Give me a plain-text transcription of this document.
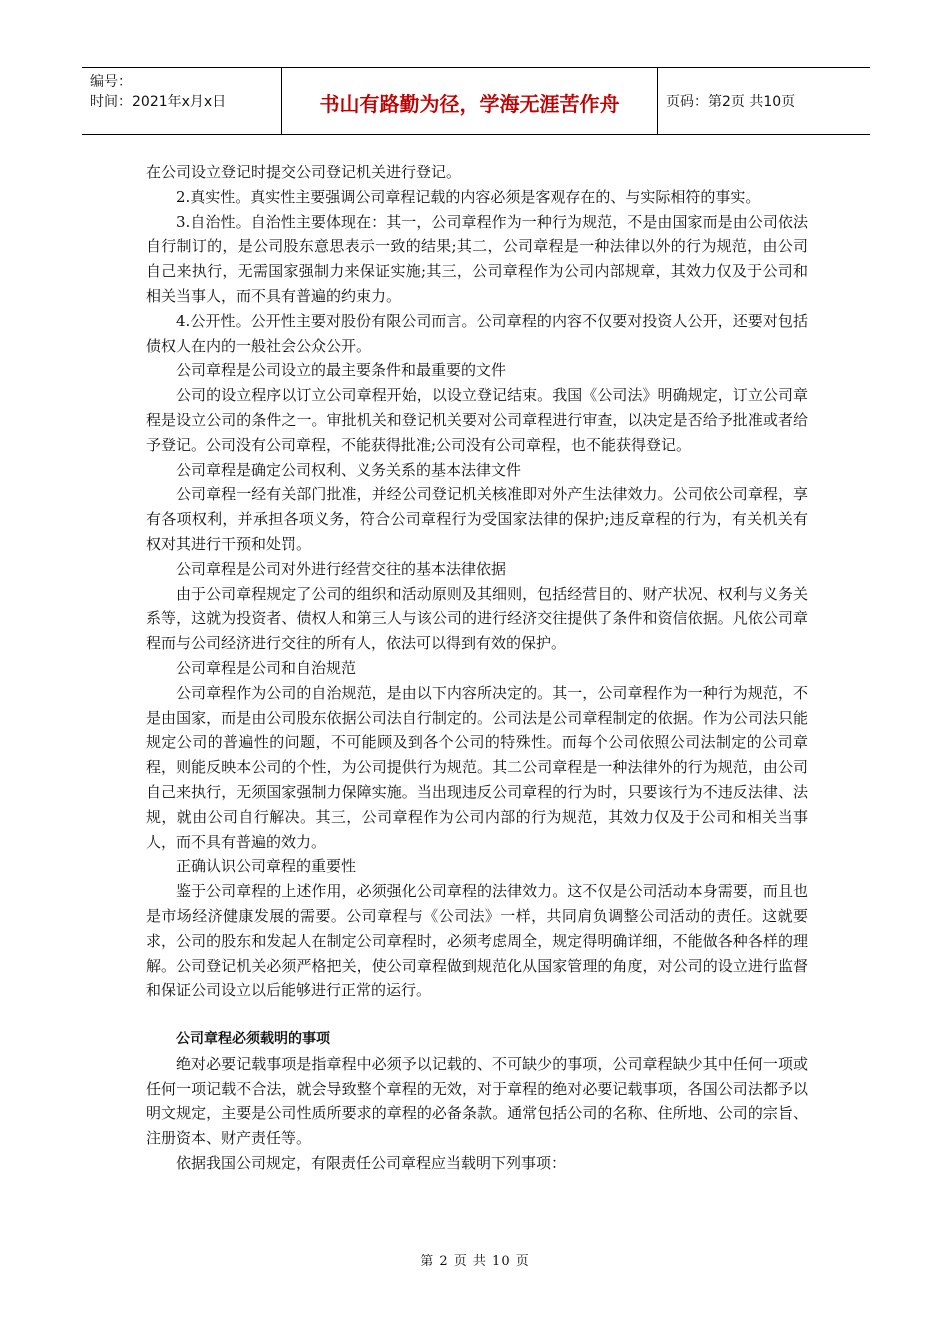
编号：
时间：2021年x月x日	书山有路勤为径，学海无涯苦作舟	页码：第2页 共10页

在公司设立登记时提交公司登记机关进行登记。

2.真实性。真实性主要强调公司章程记载的内容必须是客观存在的、与实际相符的事实。

3.自治性。自治性主要体现在：其一，公司章程作为一种行为规范，不是由国家而是由公司依法自行制订的，是公司股东意思表示一致的结果;其二，公司章程是一种法律以外的行为规范，由公司自己来执行，无需国家强制力来保证实施;其三，公司章程作为公司内部规章，其效力仅及于公司和相关当事人，而不具有普遍的约束力。

4.公开性。公开性主要对股份有限公司而言。公司章程的内容不仅要对投资人公开，还要对包括债权人在内的一般社会公众公开。

公司章程是公司设立的最主要条件和最重要的文件

公司的设立程序以订立公司章程开始，以设立登记结束。我国《公司法》明确规定，订立公司章程是设立公司的条件之一。审批机关和登记机关要对公司章程进行审查，以决定是否给予批准或者给予登记。公司没有公司章程，不能获得批准;公司没有公司章程，也不能获得登记。

公司章程是确定公司权利、义务关系的基本法律文件

公司章程一经有关部门批准，并经公司登记机关核准即对外产生法律效力。公司依公司章程，享有各项权利，并承担各项义务，符合公司章程行为受国家法律的保护;违反章程的行为，有关机关有权对其进行干预和处罚。

公司章程是公司对外进行经营交往的基本法律依据

由于公司章程规定了公司的组织和活动原则及其细则，包括经营目的、财产状况、权利与义务关系等，这就为投资者、债权人和第三人与该公司的进行经济交往提供了条件和资信依据。凡依公司章程而与公司经济进行交往的所有人，依法可以得到有效的保护。

公司章程是公司和自治规范

公司章程作为公司的自治规范，是由以下内容所决定的。其一，公司章程作为一种行为规范，不是由国家，而是由公司股东依据公司法自行制定的。公司法是公司章程制定的依据。作为公司法只能规定公司的普遍性的问题，不可能顾及到各个公司的特殊性。而每个公司依照公司法制定的公司章程，则能反映本公司的个性，为公司提供行为规范。其二公司章程是一种法律外的行为规范，由公司自己来执行，无须国家强制力保障实施。当出现违反公司章程的行为时，只要该行为不违反法律、法规，就由公司自行解决。其三，公司章程作为公司内部的行为规范，其效力仅及于公司和相关当事人，而不具有普遍的效力。

正确认识公司章程的重要性

鉴于公司章程的上述作用，必须强化公司章程的法律效力。这不仅是公司活动本身需要，而且也是市场经济健康发展的需要。公司章程与《公司法》一样，共同肩负调整公司活动的责任。这就要求，公司的股东和发起人在制定公司章程时，必须考虑周全，规定得明确详细，不能做各种各样的理解。公司登记机关必须严格把关，使公司章程做到规范化从国家管理的角度，对公司的设立进行监督和保证公司设立以后能够进行正常的运行。

公司章程必须载明的事项

绝对必要记载事项是指章程中必须予以记载的、不可缺少的事项，公司章程缺少其中任何一项或任何一项记载不合法，就会导致整个章程的无效，对于章程的绝对必要记载事项，各国公司法都予以明文规定，主要是公司性质所要求的章程的必备条款。通常包括公司的名称、住所地、公司的宗旨、注册资本、财产责任等。

依据我国公司规定，有限责任公司章程应当载明下列事项：

第 2 页 共 10 页
